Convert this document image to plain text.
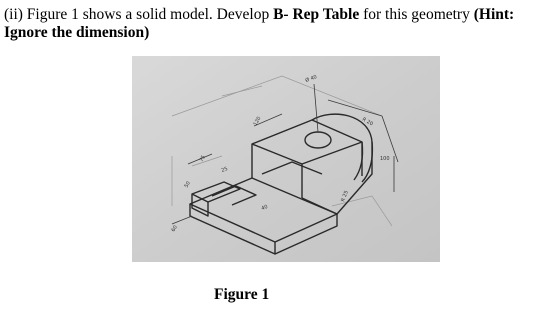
(ii) Figure 1 shows a solid model. Develop B- Rep Table for this geometry (Hint: Ignore the dimension)
Ø 40
120	R 20
75
50
100
R 25
40
60
25
Figure 1
